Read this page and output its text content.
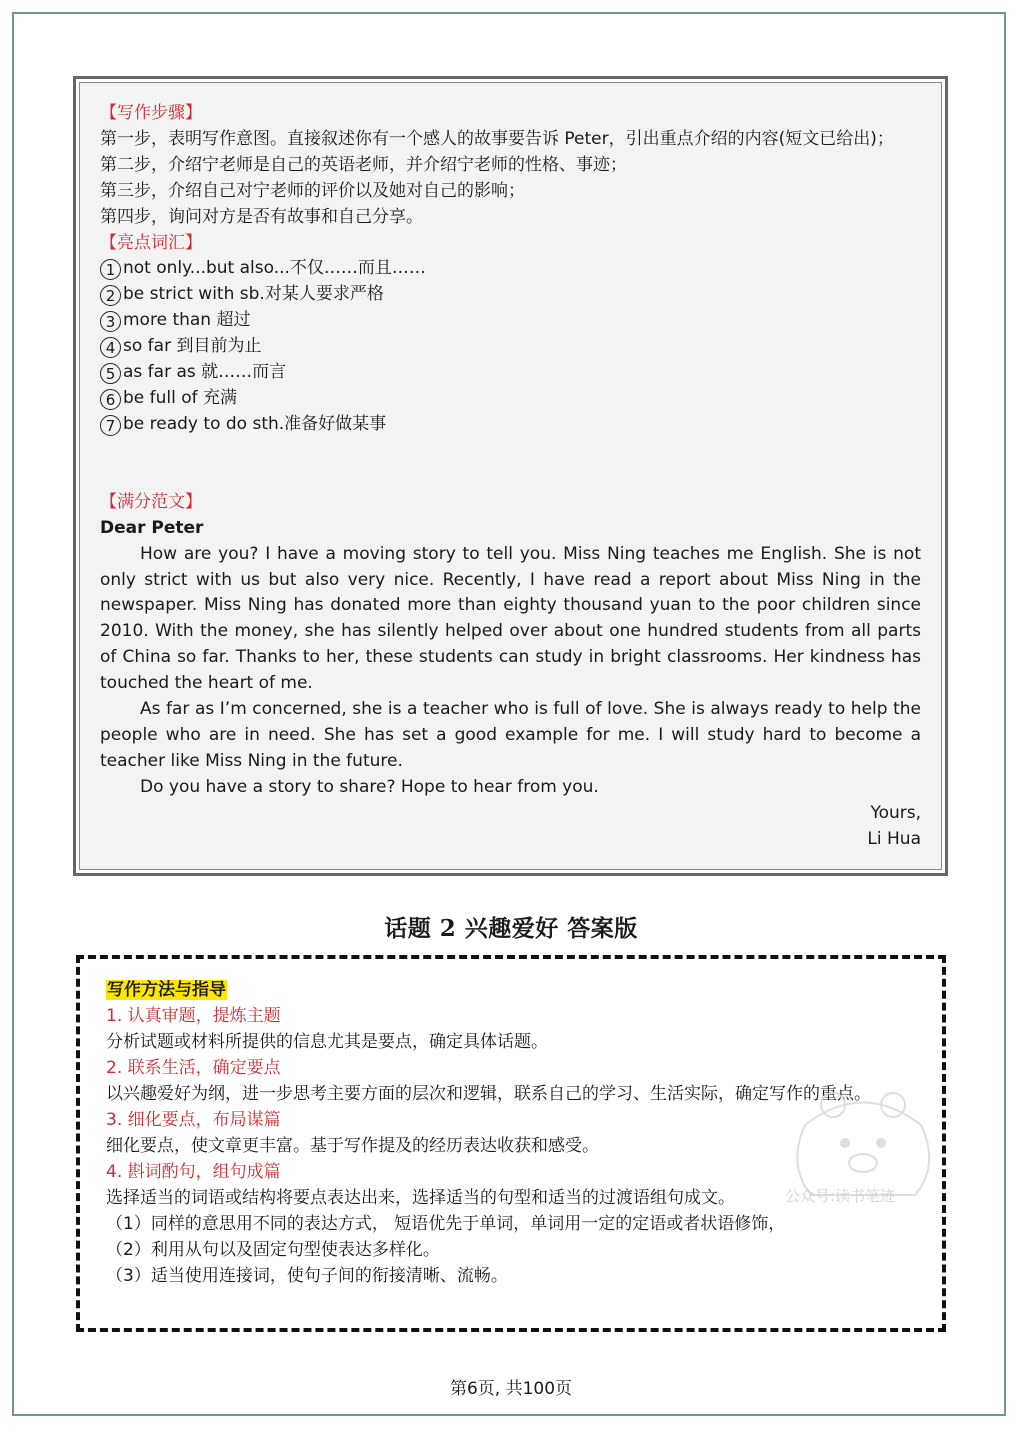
【写作步骤】
第一步，表明写作意图。直接叙述你有一个感人的故事要告诉 Peter，引出重点介绍的内容(短文已给出)；
第二步，介绍宁老师是自己的英语老师，并介绍宁老师的性格、事迹；
第三步，介绍自己对宁老师的评价以及她对自己的影响；
第四步，询问对方是否有故事和自己分享。
【亮点词汇】
1 not only...but also...不仅……而且……
2 be strict with sb.对某人要求严格
3 more than 超过
4 so far 到目前为止
5 as far as 就……而言
6 be full of 充满
7 be ready to do sth.准备好做某事
【满分范文】
Dear Peter

How are you? I have a moving story to tell you. Miss Ning teaches me English. She is not only strict with us but also very nice. Recently, I have read a report about Miss Ning in the newspaper. Miss Ning has donated more than eighty thousand yuan to the poor children since 2010. With the money, she has silently helped over about one hundred students from all parts of China so far. Thanks to her, these students can study in bright classrooms. Her kindness has touched the heart of me.

As far as I’m concerned, she is a teacher who is full of love. She is always ready to help the people who are in need. She has set a good example for me. I will study hard to become a teacher like Miss Ning in the future.

Do you have a story to share? Hope to hear from you.

Yours,
Li Hua
话题 2 兴趣爱好 答案版
写作方法与指导
1. 认真审题，提炼主题
分析试题或材料所提供的信息尤其是要点，确定具体话题。
2. 联系生活，确定要点
以兴趣爱好为纲，进一步思考主要方面的层次和逻辑，联系自己的学习、生活实际，确定写作的重点。
3. 细化要点，布局谋篇
细化要点，使文章更丰富。基于写作提及的经历表达收获和感受。
4. 斟词酌句，组句成篇
选择适当的词语或结构将要点表达出来，选择适当的句型和适当的过渡语组句成文。
（1）同样的意思用不同的表达方式， 短语优先于单词，单词用一定的定语或者状语修饰，
（2）利用从句以及固定句型使表达多样化。
（3）适当使用连接词，使句子间的衔接清晰、流畅。
公众号:读书笔迹
第6页, 共100页
